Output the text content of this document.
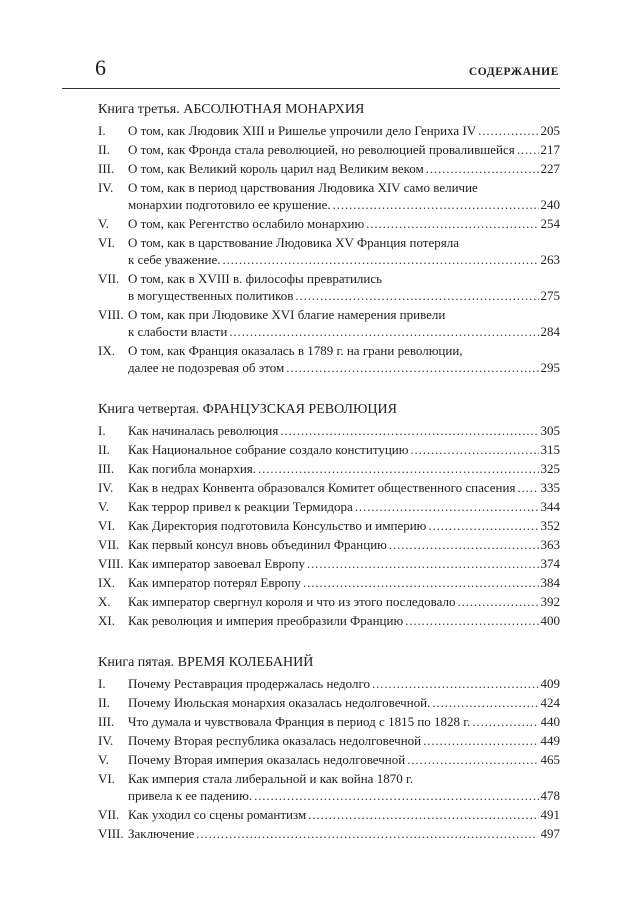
6	СОДЕРЖАНИЕ
Книга третья. АБСОЛЮТНАЯ МОНАРХИЯ
I.	О том, как Людовик XIII и Ришелье упрочили дело Генриха IV . . .	205
II.	О том, как Фронда стала революцией, но революцией провалившейся . . . 217
III.	О том, как Великий король царил над Великим веком . . .	227
IV.	О том, как в период царствования Людовика XIV само величие
монархии подготовило ее крушение. . . .	240
V.	О том, как Регентство ослабило монархию . . .	254
VI.	О том, как в царствование Людовика XV Франция потеряла
к себе уважение. . . .	263
VII. О том, как в XVIII в. философы превратились
в могущественных политиков . . .	275
VIII. О том, как при Людовике XVI благие намерения привели
к слабости власти . . .	284
IX.	О том, как Франция оказалась в 1789 г. на грани революции,
далее не подозревая об этом . . .	295
Книга четвертая. ФРАНЦУЗСКАЯ РЕВОЛЮЦИЯ
I.	Как начиналась революция . . .	305
II.	Как Национальное собрание создало конституцию . . .	315
III.	Как погибла монархия. . . .	325
IV.	Как в недрах Конвента образовался Комитет общественного спасения . . . 335
V.	Как террор привел к реакции Термидора . . .	344
VI.	Как Директория подготовила Консульство и империю . . .	352
VII. Как первый консул вновь объединил Францию . . .	363
VIII. Как император завоевал Европу . . .	374
IX.	Как император потерял Европу . . .	384
X.	Как император свергнул короля и что из этого последовало . . .	392
XI.	Как революция и империя преобразили Францию . . .	400
Книга пятая. ВРЕМЯ КОЛЕБАНИЙ
I.	Почему Реставрация продержалась недолго . . .	409
II.	Почему Июльская монархия оказалась недолговечной. . . .	424
III.	Что думала и чувствовала Франция в период с 1815 по 1828 г. . . .	440
IV.	Почему Вторая республика оказалась недолговечной . . .	449
V.	Почему Вторая империя оказалась недолговечной . . .	465
VI.	Как империя стала либеральной и как война 1870 г.
привела к ее падению. . . .	478
VII. Как уходил со сцены романтизм . . .	491
VIII. Заключение . . .	497
